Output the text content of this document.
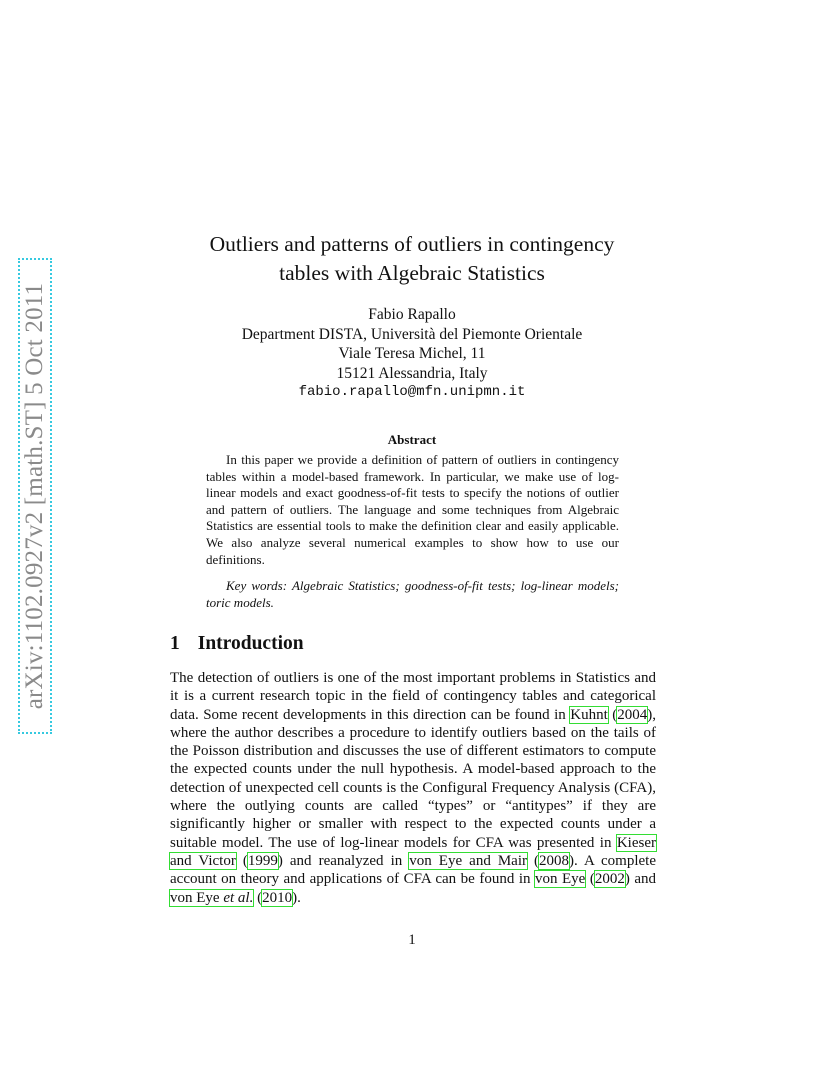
arXiv:1102.0927v2 [math.ST] 5 Oct 2011
Outliers and patterns of outliers in contingency
tables with Algebraic Statistics
Fabio Rapallo
Department DISTA, Università del Piemonte Orientale
Viale Teresa Michel, 11
15121 Alessandria, Italy
fabio.rapallo@mfn.unipmn.it
Abstract

In this paper we provide a definition of pattern of outliers in contingency tables within a model-based framework. In particular, we make use of log-linear models and exact goodness-of-fit tests to specify the notions of outlier and pattern of outliers. The language and some techniques from Algebraic Statistics are essential tools to make the definition clear and easily applicable. We also analyze several numerical examples to show how to use our definitions.

Key words: Algebraic Statistics; goodness-of-fit tests; log-linear models; toric models.

1 Introduction

The detection of outliers is one of the most important problems in Statistics and it is a current research topic in the field of contingency tables and categorical data. Some recent developments in this direction can be found in Kuhnt (2004), where the author describes a procedure to identify outliers based on the tails of the Poisson distribution and discusses the use of different estimators to compute the expected counts under the null hypothesis. A model-based approach to the detection of unexpected cell counts is the Configural Frequency Analysis (CFA), where the outlying counts are called “types” or “antitypes” if they are significantly higher or smaller with respect to the expected counts under a suitable model. The use of log-linear models for CFA was presented in Kieser and Victor (1999) and reanalyzed in von Eye and Mair (2008). A complete account on theory and applications of CFA can be found in von Eye (2002) and von Eye et al. (2010).

1
